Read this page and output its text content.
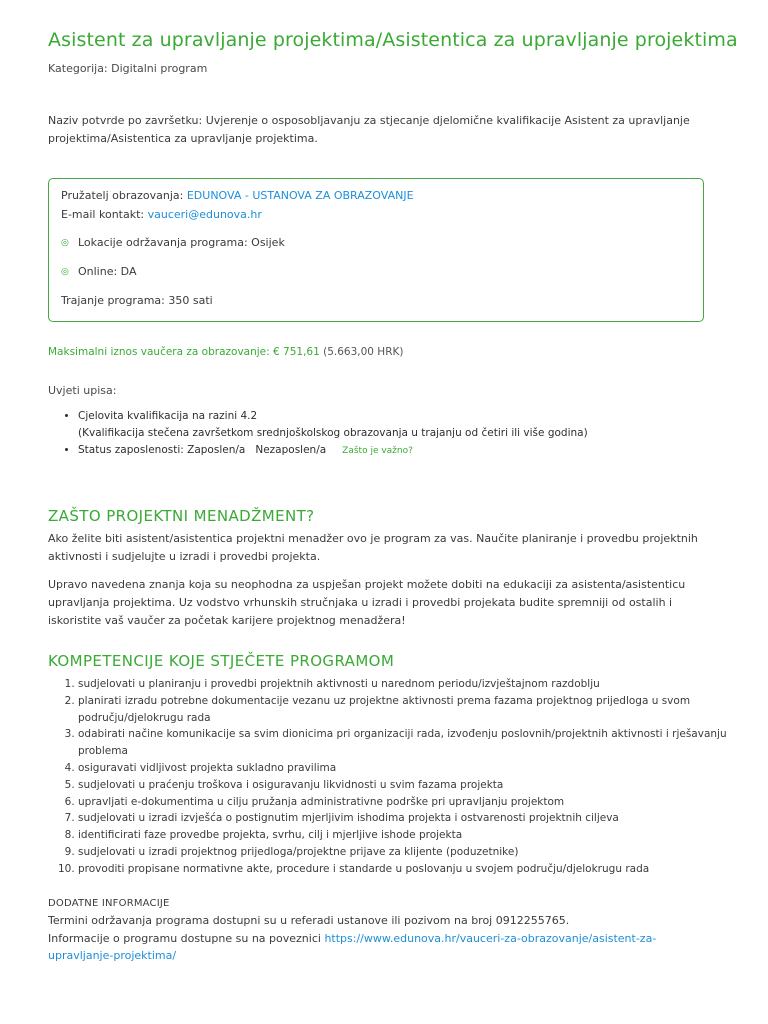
Asistent za upravljanje projektima/Asistentica za upravljanje projektima
Kategorija: Digitalni program
Naziv potvrde po završetku: Uvjerenje o osposobljavanju za stjecanje djelomične kvalifikacije Asistent za upravljanje projektima/Asistentica za upravljanje projektima.
Pružatelj obrazovanja: EDUNOVA - USTANOVA ZA OBRAZOVANJE
E-mail kontakt: vauceri@edunova.hr
◎ Lokacije održavanja programa: Osijek
◎ Online: DA
Trajanje programa: 350 sati
Maksimalni iznos vaučera za obrazovanje: € 751,61 (5.663,00 HRK)
Uvjeti upisa:
• Cjelovita kvalifikacija na razini 4.2
(Kvalifikacija stečena završetkom srednjoškolskog obrazovanja u trajanju od četiri ili više godina)
• Status zaposlenosti: Zaposlen/a   Nezaposlen/a Zašto je važno?
ZAŠTO PROJEKTNI MENADŽMENT?

Ako želite biti asistent/asistentica projektni menadžer ovo je program za vas. Naučite planiranje i provedbu projektnih aktivnosti i sudjelujte u izradi i provedbi projekta.

Upravo navedena znanja koja su neophodna za uspješan projekt možete dobiti na edukaciji za asistenta/asistenticu upravljanja projektima. Uz vodstvo vrhunskih stručnjaka u izradi i provedbi projekata budite spremniji od ostalih i iskoristite vaš vaučer za početak karijere projektnog menadžera!

KOMPETENCIJE KOJE STJEČETE PROGRAMOM
1. sudjelovati u planiranju i provedbi projektnih aktivnosti u narednom periodu/izvještajnom razdoblju
2. planirati izradu potrebne dokumentacije vezanu uz projektne aktivnosti prema fazama projektnog prijedloga u svom području/djelokrugu rada
3. odabirati načine komunikacije sa svim dionicima pri organizaciji rada, izvođenju poslovnih/projektnih aktivnosti i rješavanju problema
4. osiguravati vidljivost projekta sukladno pravilima
5. sudjelovati u praćenju troškova i osiguravanju likvidnosti u svim fazama projekta
6. upravljati e-dokumentima u cilju pružanja administrativne podrške pri upravljanju projektom
7. sudjelovati u izradi izvješća o postignutim mjerljivim ishodima projekta i ostvarenosti projektnih ciljeva
8. identificirati faze provedbe projekta, svrhu, cilj i mjerljive ishode projekta
9. sudjelovati u izradi projektnog prijedloga/projektne prijave za klijente (poduzetnike)
10. provoditi propisane normativne akte, procedure i standarde u poslovanju u svojem području/djelokrugu rada
DODATNE INFORMACIJE
Termini održavanja programa dostupni su u referadi ustanove ili pozivom na broj 0912255765.
Informacije o programu dostupne su na poveznici https://www.edunova.hr/vauceri-za-obrazovanje/asistent-za-upravljanje-projektima/
